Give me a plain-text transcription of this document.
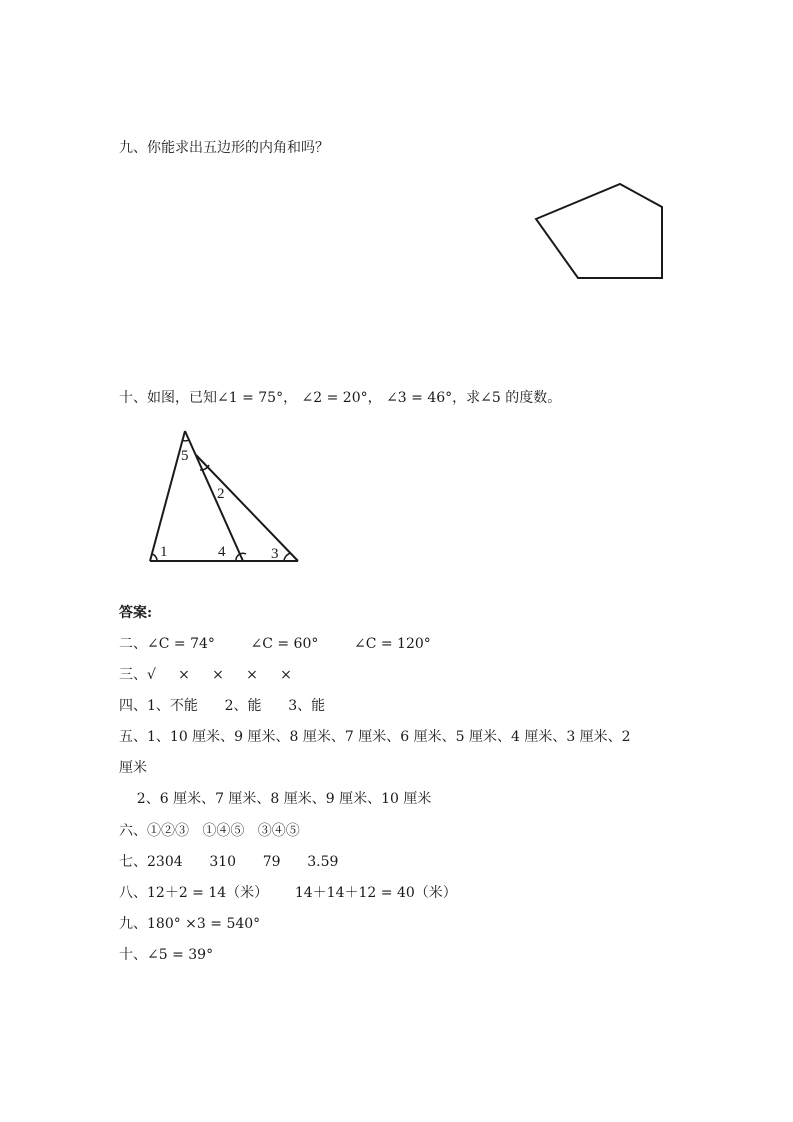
九、你能求出五边形的内角和吗？
十、如图，已知∠1 = 75°， ∠2 = 20°， ∠3 = 46°，求∠5 的度数。
1	4	3
5
2
答案:
二、∠C = 74°        ∠C = 60°        ∠C = 120°
三、√     ×     ×     ×     ×
四、1、不能      2、能      3、能
五、1、10 厘米、9 厘米、8 厘米、7 厘米、6 厘米、5 厘米、4 厘米、3 厘米、2
厘米
2、6 厘米、7 厘米、8 厘米、9 厘米、10 厘米
六、①②③   ①④⑤   ③④⑤
七、2304      310      79      3.59
八、12＋2 = 14（米）      14＋14＋12 = 40（米）
九、180° ×3 = 540°
十、∠5 = 39°
